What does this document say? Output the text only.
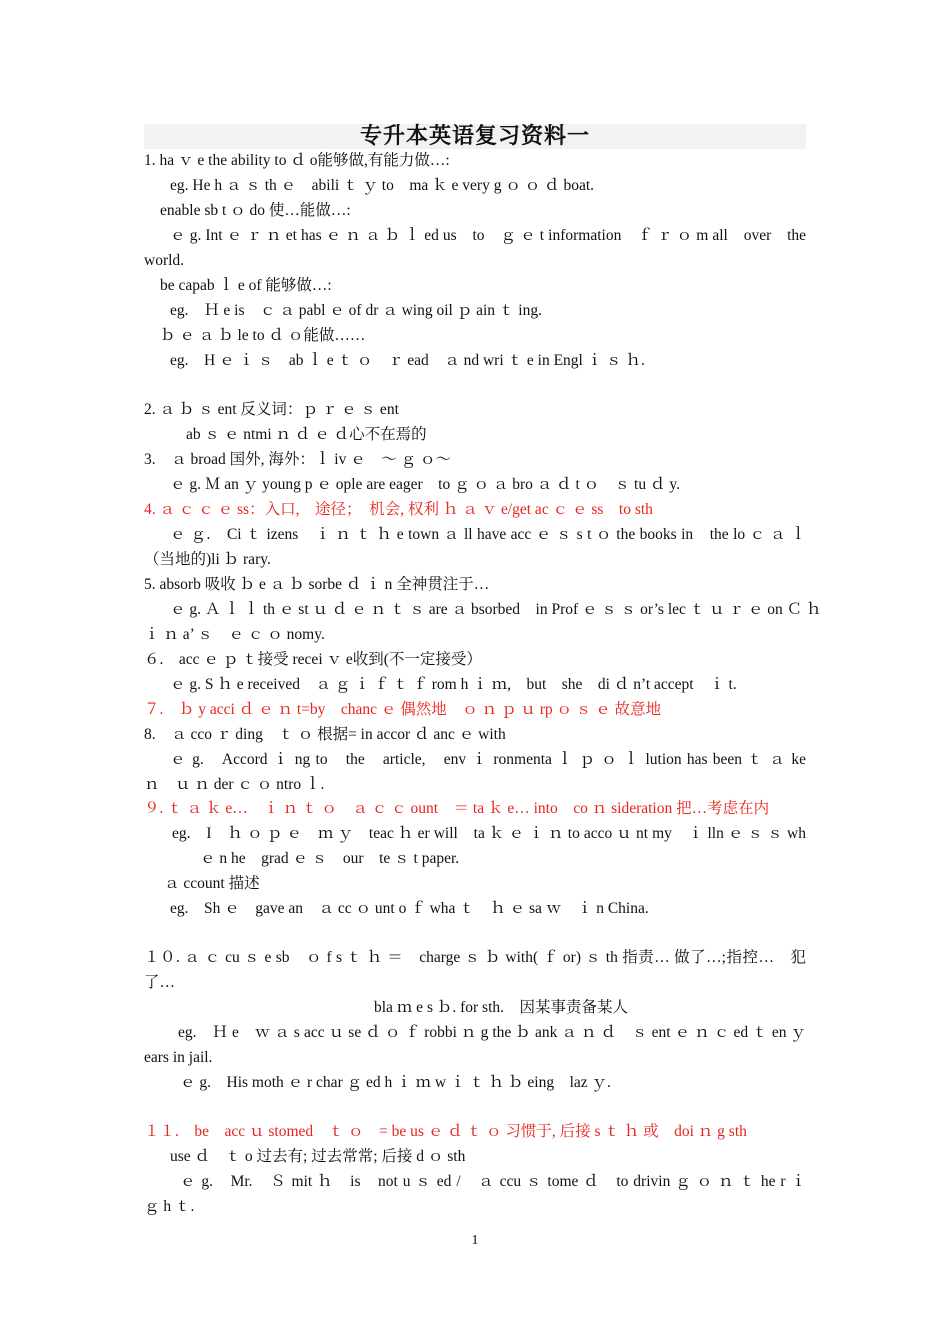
专升本英语复习资料一
1. ha ｖ e the ability to ｄ o能够做,有能力做…:
eg. He h ａ ｓ th ｅ　abili ｔ ｙ to　ma ｋ e very g ｏ ｏ ｄ boat.
enable sb t ｏ do 使…能做…:
ｅ g. Int ｅ ｒ ｎ et has ｅ ｎ ａ ｂ ｌ ed us　to　ｇ ｅ t information　ｆ ｒ ｏ m all　over　the
world.
be capab ｌ e of 能够做…:
eg.　Ｈ e is　ｃ ａ pabl ｅ of dr ａ wing oil ｐ ain ｔ ing.
ｂ ｅ ａ ｂ le to ｄ ｏ能做……
eg.　H ｅ ｉ ｓ　ab ｌ e ｔ ｏ　ｒ ead　ａ nd wri ｔ e in Engl ｉ ｓ ｈ.
2. ａ ｂ ｓ ent 反义词：ｐ ｒ ｅ ｓ ent
ab ｓ ｅ ntmi ｎ ｄ ｅ ｄ心不在焉的
3.　ａ broad 国外, 海外：ｌ iv ｅ　～ ｇ ｏ～
ｅ g. Ｍ an ｙ young p ｅ ople are eager　to ｇ ｏ ａ bro ａ ｄ t ｏ　ｓ tu ｄ y.
4. ａ ｃ ｃ ｅ ss：入口,　途径；　机会, 权利 ｈ ａ ｖ e/get ac ｃ ｅ ss　to sth
ｅ ｇ.　Ci ｔ izens　ｉ ｎ ｔ ｈ e town ａ ll have acc ｅ ｓ s t ｏ the books in　the lo ｃ ａ ｌ
（当地的)li ｂ rary.
5. absorb 吸收 ｂ e ａ ｂ sorbe ｄ ｉ n 全神贯注于…
ｅ g. Ａ ｌ ｌ th ｅ st ｕ ｄ ｅ ｎ ｔ ｓ are ａ bsorbed　in Prof ｅ ｓ ｓ or’s lec ｔ ｕ ｒ ｅ on Ｃ ｈ
ｉ ｎ a’ ｓ　ｅ ｃ ｏ nomy.
６.　acc ｅ ｐ ｔ接受 recei ｖ e收到(不一定接受）
ｅ g. S ｈ e received　ａ ｇ ｉ ｆ ｔ ｆ rom h ｉ ｍ,　but　she　di ｄ n’t accept　ｉ t.
７.　ｂ y acci ｄ ｅ ｎ t=by　chanc ｅ 偶然地　ｏ ｎ ｐ ｕ rp ｏ ｓ ｅ 故意地
8.　ａ cco ｒ ding　ｔ ｏ 根据= in accor ｄ anc ｅ with
ｅ g.　Accord ｉ ng to　the　article,　env ｉ ronmenta ｌ ｐ ｏ ｌ lution has been ｔ ａ ke
ｎ　ｕ ｎ der ｃ ｏ ntro ｌ.
９. ｔ ａ ｋ e…　ｉ ｎ ｔ ｏ　ａ ｃ ｃ ount　＝ ta ｋ e… into　co ｎ sideration 把…考虑在内
eg.　I　ｈ ｏ ｐ ｅ　ｍ ｙ　teac ｈ er will　ta ｋ ｅ ｉ ｎ to acco ｕ nt my　ｉ lln ｅ ｓ ｓ wh
ｅ n he　grad ｅ ｓ　our　te ｓ t paper.
ａ ccount 描述
eg.　Sh ｅ　gave an　ａ cc ｏ unt o ｆ wha ｔ　ｈ ｅ sa ｗ　ｉ n China.
１０. ａ ｃ cu ｓ e sb　ｏ f s ｔ ｈ ＝　charge ｓ ｂ with( ｆ or) ｓ th 指责… 做了…;指控…　犯
了…
bla ｍ e s ｂ. for sth.　因某事责备某人
eg.　Ｈ e　ｗ ａ s acc ｕ se ｄ ｏ ｆ robbi ｎ g the ｂ ank ａ ｎ ｄ　ｓ ent ｅ ｎ ｃ ed ｔ en ｙ
ears in jail.
ｅ g.　His moth ｅ r char ｇ ed h ｉ ｍ w ｉ ｔ ｈ ｂ eing　laz ｙ.
１１.　be　acc ｕ stomed　ｔ ｏ　= be us ｅ ｄ ｔ ｏ 习惯于, 后接 s ｔ ｈ 或　doi ｎ g sth
use ｄ　ｔ o 过去有; 过去常常; 后接 d ｏ sth
ｅ g.　Mr.　Ｓ mit ｈ　is　not u ｓ ed /　ａ ccu ｓ tome ｄ　to drivin ｇ ｏ ｎ ｔ he r ｉ
ｇ h ｔ.
1
